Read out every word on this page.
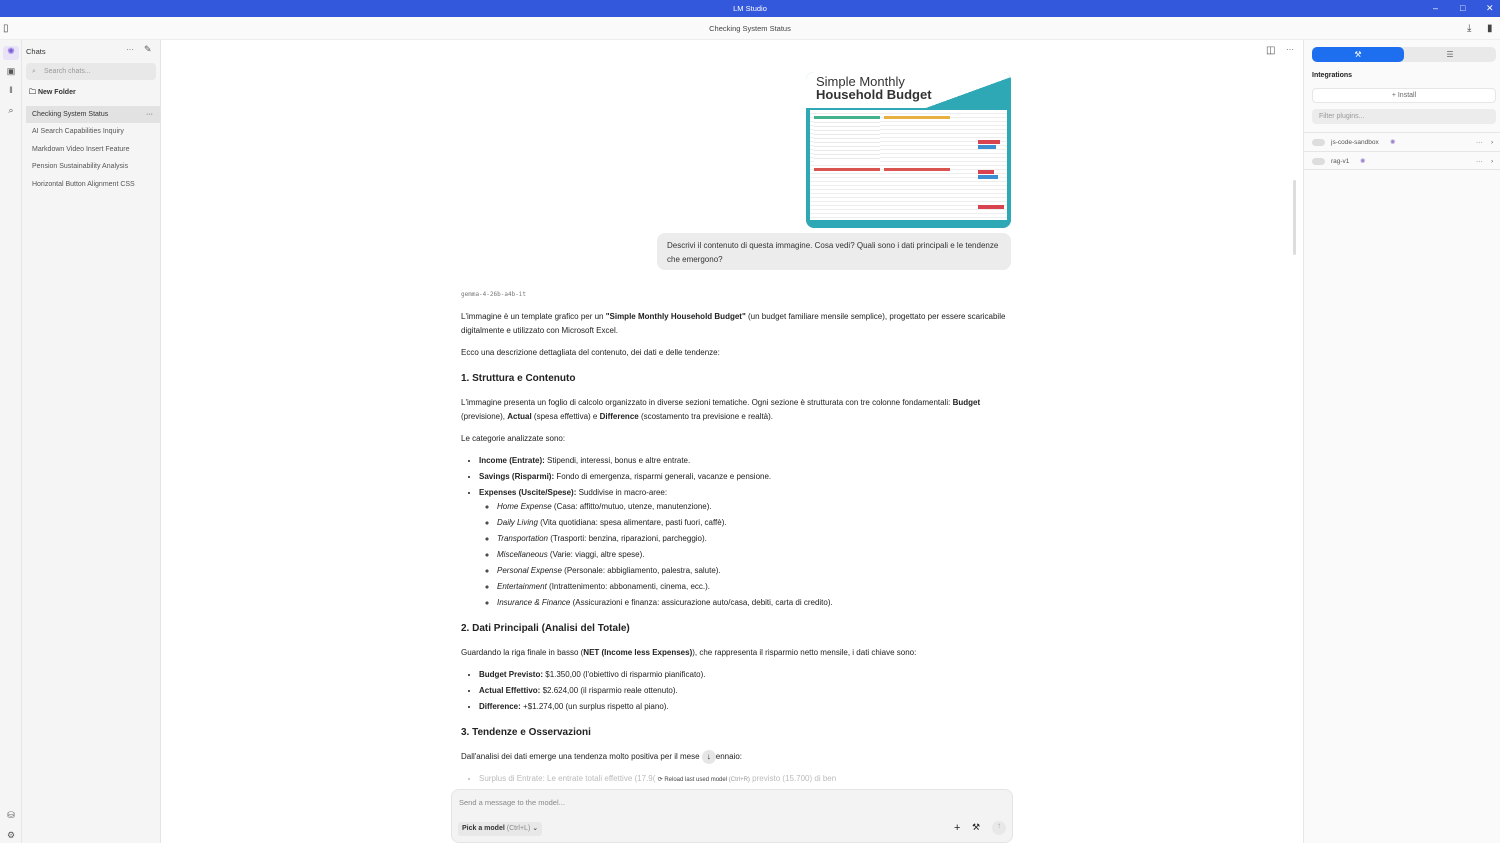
LM Studio	– □ ✕
▯	Checking System Status	⤓ ▮
✺
▣
‖
⌕
⛁
⚙
Chats	··· ✎
⌕ Search chats...
🗀 New Folder
Checking System Status	···
AI Search Capabilities Inquiry
Markdown Video Insert Feature
Pension Sustainability Analysis
Horizontal Button Alignment CSS
◫ ···
Simple Monthly
Household Budget
Descrivi il contenuto di questa immagine. Cosa vedi? Quali sono i dati principali e le tendenze che emergono?
gemma-4-26b-a4b-it

L'immagine è un template grafico per un "Simple Monthly Household Budget" (un budget familiare mensile semplice), progettato per essere scaricabile digitalmente e utilizzato con Microsoft Excel.

Ecco una descrizione dettagliata del contenuto, dei dati e delle tendenze:

1. Struttura e Contenuto

L'immagine presenta un foglio di calcolo organizzato in diverse sezioni tematiche. Ogni sezione è strutturata con tre colonne fondamentali: Budget (previsione), Actual (spesa effettiva) e Difference (scostamento tra previsione e realtà).

Le categorie analizzate sono:

• Income (Entrate): Stipendi, interessi, bonus e altre entrate.
• Savings (Risparmi): Fondo di emergenza, risparmi generali, vacanze e pensione.
• Expenses (Uscite/Spese): Suddivise in macro-aree:
◦ Home Expense (Casa: affitto/mutuo, utenze, manutenzione).
◦ Daily Living (Vita quotidiana: spesa alimentare, pasti fuori, caffè).
◦ Transportation (Trasporti: benzina, riparazioni, parcheggio).
◦ Miscellaneous (Varie: viaggi, altre spese).
◦ Personal Expense (Personale: abbigliamento, palestra, salute).
◦ Entertainment (Intrattenimento: abbonamenti, cinema, ecc.).
◦ Insurance & Finance (Assicurazioni e finanza: assicurazione auto/casa, debiti, carta di credito).
2. Dati Principali (Analisi del Totale)

Guardando la riga finale in basso (NET (Income less Expenses)), che rappresenta il risparmio netto mensile, i dati chiave sono:

• Budget Previsto: $1.350,00 (l'obiettivo di risparmio pianificato).
• Actual Effettivo: $2.624,00 (il risparmio reale ottenuto).
• Difference: +$1.274,00 (un surplus rispetto al piano).
3. Tendenze e Osservazioni

Dall'analisi dei dati emerge una tendenza molto positiva per il mese ↓ ennaio:

• Surplus di Entrate: Le entrate totali effettive (17.9( ⟳ Reload last used model (Ctrl+R) previsto (15.700) di ben
Send a message to the model...
Pick a model (Ctrl+L) ⌄	+ ⚒	↑
⚒	☰
Integrations
+ Install
Filter plugins...
js-code-sandbox ✺	··· ›
rag-v1 ✺	··· ›
